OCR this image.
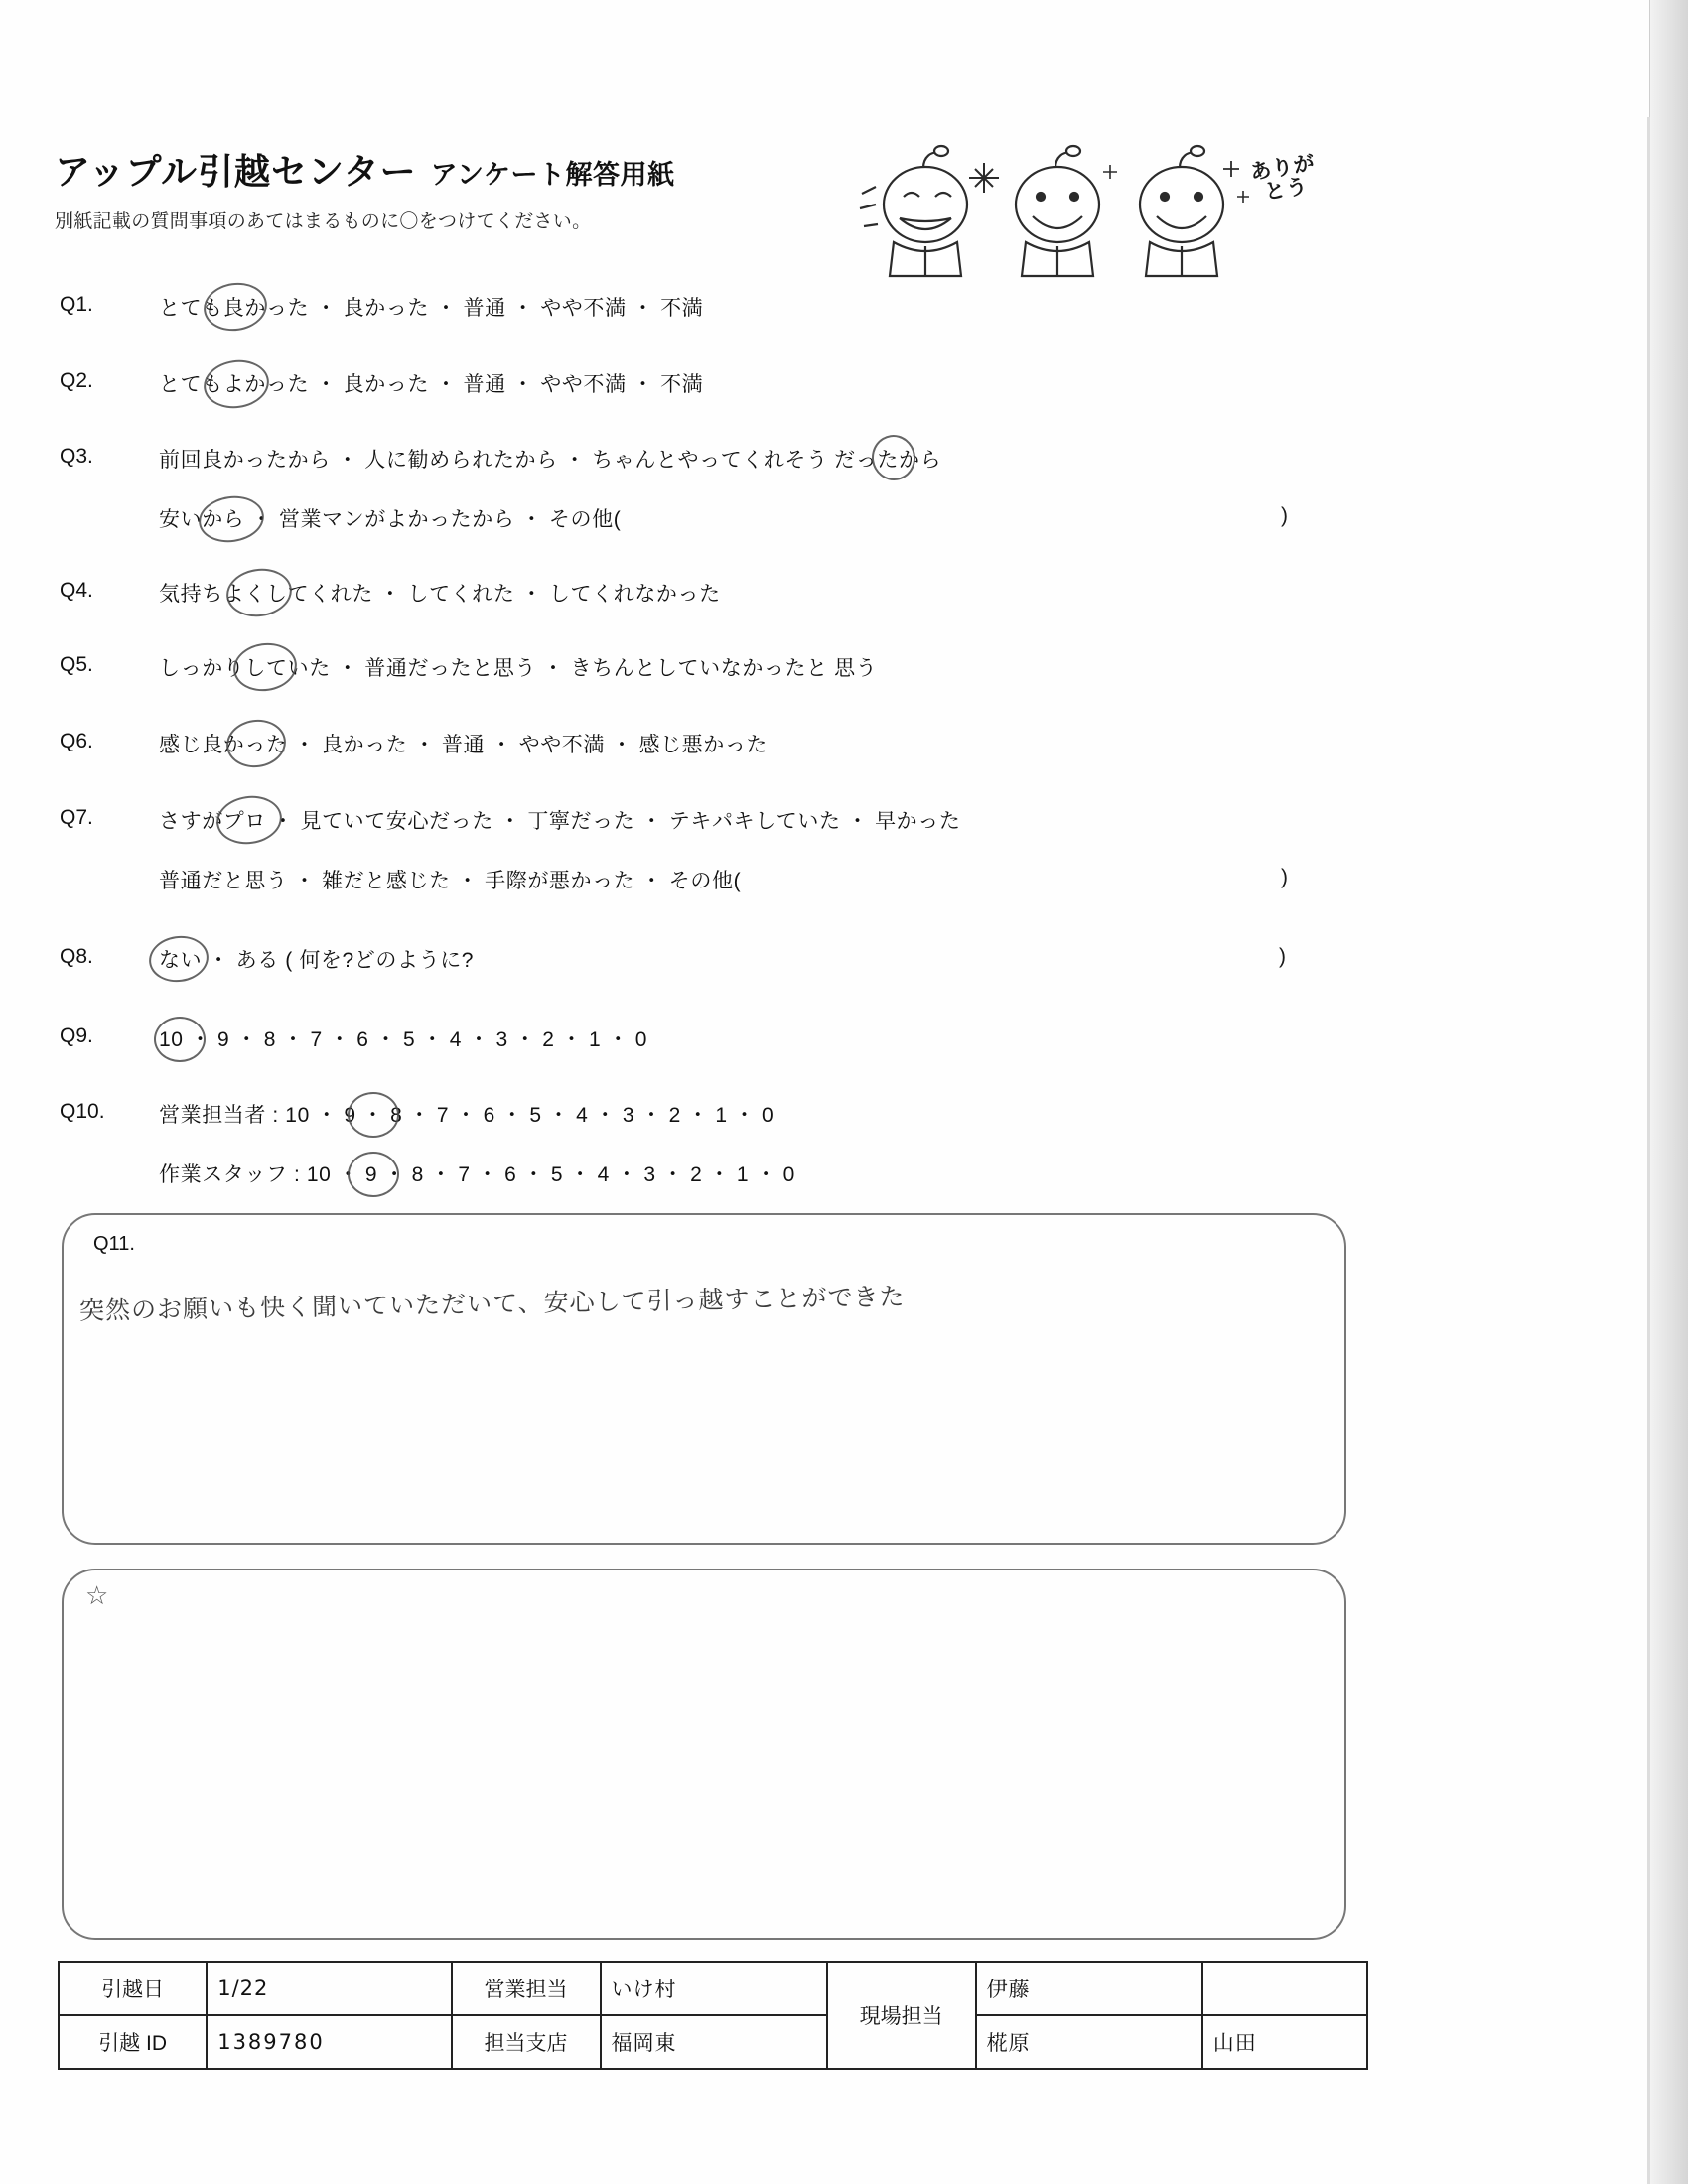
アップル引越センター アンケート解答用紙
別紙記載の質問事項のあてはまるものに〇をつけてください。
ありがとう
Q1.	とても良かった ・ 良かった ・ 普通 ・ やや不満 ・ 不満
Q2.	とてもよかった ・ 良かった ・ 普通 ・ やや不満 ・ 不満
Q3.	前回良かったから ・ 人に勧められたから ・ ちゃんとやってくれそう だったから
安いから ・ 営業マンがよかったから ・ その他(	)
Q4.	気持ちよくしてくれた ・ してくれた ・ してくれなかった
Q5.	しっかりしていた ・ 普通だったと思う ・ きちんとしていなかったと 思う
Q6.	感じ良かった ・ 良かった ・ 普通 ・ やや不満 ・ 感じ悪かった
Q7.	さすがプロ ・ 見ていて安心だった ・ 丁寧だった ・ テキパキしていた ・ 早かった
普通だと思う ・ 雑だと感じた ・ 手際が悪かった ・ その他(	)
Q8.	ない ・ ある ( 何を?どのように?	)
Q9.	10 ・ 9 ・ 8 ・ 7 ・ 6 ・ 5 ・ 4 ・ 3 ・ 2 ・ 1 ・ 0
Q10.	営業担当者 : 10 ・ 9 ・ 8 ・ 7 ・ 6 ・ 5 ・ 4 ・ 3 ・ 2 ・ 1 ・ 0
作業スタッフ : 10 ・ 9 ・ 8 ・ 7 ・ 6 ・ 5 ・ 4 ・ 3 ・ 2 ・ 1 ・ 0
Q11.
突然のお願いも快く聞いていただいて、安心して引っ越すことができた
☆
引越日	1/22	営業担当	いけ村	現場担当	伊藤	
引越 ID	1389780	担当支店	福岡東		椛原	山田
